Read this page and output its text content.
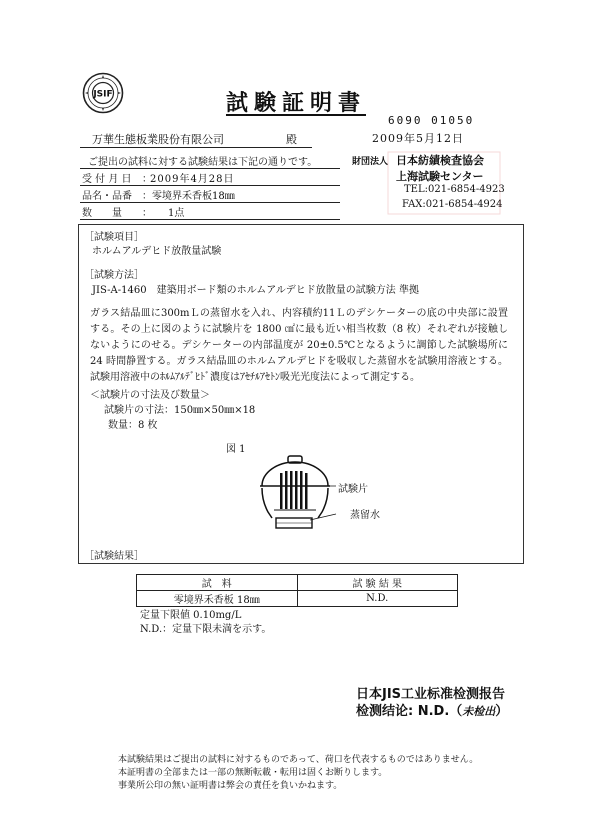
JSIF	試験証明書
6090 01050
2009年5月12日
万華生態板業股份有限公司	殿
ご提出の試料に対する試験結果は下記の通りです。
受 付 月 日 ：
2009年4月28日
品名・品番 ： 零境界禾香板18㎜
数　　量 ： 1点
財団法人 日本紡績検査協会
上海試験センター
TEL:021-6854-4923
FAX:021-6854-4924
［試験項目］
ホルムアルデヒド放散量試験
［試験方法］
JIS-A-1460　建築用ボード類のホルムアルデヒド放散量の試験方法 準拠
ガラス結晶皿に300mＬの蒸留水を入れ、内容積約11Ｌのデシケーターの底の中央部に設置する。その上に図のように試験片を 1800 ㎠に最も近い相当枚数（8 枚）それぞれが接触しないようにのせる。デシケーターの内部温度が 20±0.5℃となるように調節した試験場所に 24 時間静置する。ガラス結晶皿のホルムアルデヒドを吸収した蒸留水を試験用溶液とする。 試験用溶液中のﾎﾙﾑｱﾙﾃﾞﾋﾄﾞ濃度はｱｾﾁﾙｱｾﾄﾝ吸光光度法によって測定する。
＜試験片の寸法及び数量＞
試験片の寸法：150㎜×50㎜×18
数量：8 枚
図 1
試験片
蒸留水
［試験結果］
試　料	試 験 結 果
零境界禾香板 18㎜	N.D.
定量下限値 0.10mg/L
N.D.：定量下限未満を示す。
日本JIS工业标准检测报告
检测结论: N.D.（未检出）
本試験結果はご提出の試料に対するものであって、荷口を代表するものではありません。
本証明書の全部または一部の無断転載・転用は固くお断りします。
事業所公印の無い証明書は弊会の責任を負いかねます。
